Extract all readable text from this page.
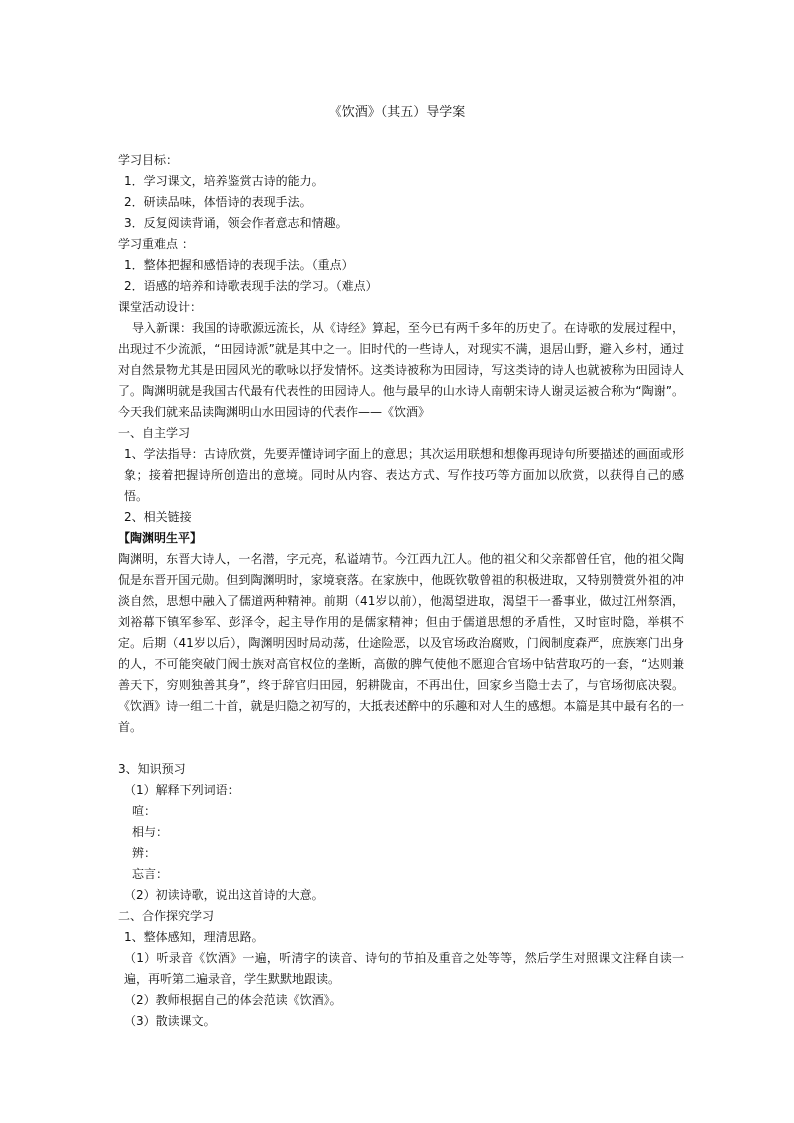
《饮酒》（其五）导学案

学习目标：

1．学习课文，培养鉴赏古诗的能力。

2．研读品味，体悟诗的表现手法。

3．反复阅读背诵，领会作者意志和情趣。

学习重难点 ：

1．整体把握和感悟诗的表现手法。（重点）

2．语感的培养和诗歌表现手法的学习。（难点）

课堂活动设计：

导入新课：我国的诗歌源远流长，从《诗经》算起，至今已有两千多年的历史了。在诗歌的发展过程中，出现过不少流派，“田园诗派”就是其中之一。旧时代的一些诗人，对现实不满，退居山野，避入乡村，通过对自然景物尤其是田园风光的歌咏以抒发情怀。这类诗被称为田园诗，写这类诗的诗人也就被称为田园诗人了。陶渊明就是我国古代最有代表性的田园诗人。他与最早的山水诗人南朝宋诗人谢灵运被合称为“陶谢”。今天我们就来品读陶渊明山水田园诗的代表作——《饮酒》

一、自主学习

1、学法指导：古诗欣赏，先要弄懂诗词字面上的意思；其次运用联想和想像再现诗句所要描述的画面或形象；接着把握诗所创造出的意境。同时从内容、表达方式、写作技巧等方面加以欣赏，以获得自己的感悟。

2、相关链接

【陶渊明生平】

陶渊明，东晋大诗人，一名潜，字元亮，私谥靖节。今江西九江人。他的祖父和父亲都曾任官，他的祖父陶侃是东晋开国元勋。但到陶渊明时，家境衰落。在家族中，他既钦敬曾祖的积极进取，又特别赞赏外祖的冲淡自然，思想中融入了儒道两种精神。前期（41岁以前），他渴望进取，渴望干一番事业，做过江州祭酒，刘裕幕下镇军参军、彭泽令，起主导作用的是儒家精神；但由于儒道思想的矛盾性，又时宦时隐，举棋不定。后期（41岁以后），陶渊明因时局动荡，仕途险恶，以及官场政治腐败，门阀制度森严，庶族寒门出身的人，不可能突破门阀士族对高官权位的垄断，高傲的脾气使他不愿迎合官场中钻营取巧的一套，“达则兼善天下，穷则独善其身”，终于辞官归田园，躬耕陇亩，不再出仕，回家乡当隐士去了，与官场彻底决裂。《饮酒》诗一组二十首，就是归隐之初写的，大抵表述醉中的乐趣和对人生的感想。本篇是其中最有名的一首。

3、知识预习

（1）解释下列词语：

喧：

相与：

辨：

忘言：

（2）初读诗歌，说出这首诗的大意。

二、合作探究学习

1、整体感知，理清思路。

（1）听录音《饮酒》一遍，听清字的读音、诗句的节拍及重音之处等等，然后学生对照课文注释自读一遍，再听第二遍录音，学生默默地跟读。

（2）教师根据自己的体会范读《饮酒》。

（3）散读课文。
